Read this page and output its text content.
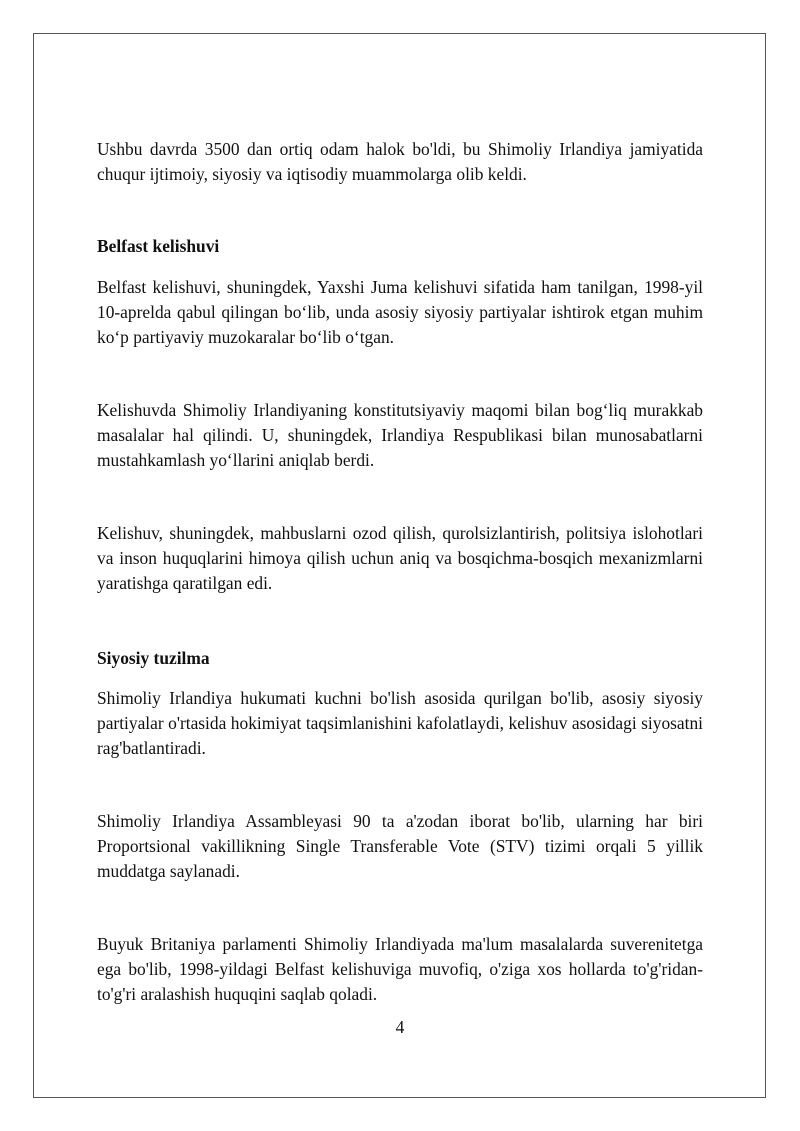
Ushbu davrda 3500 dan ortiq odam halok bo'ldi, bu Shimoliy Irlandiya jamiyatida chuqur ijtimoiy, siyosiy va iqtisodiy muammolarga olib keldi.

Belfast kelishuvi

Belfast kelishuvi, shuningdek, Yaxshi Juma kelishuvi sifatida ham tanilgan, 1998-yil 10-aprelda qabul qilingan bo‘lib, unda asosiy siyosiy partiyalar ishtirok etgan muhim ko‘p partiyaviy muzokaralar bo‘lib o‘tgan.

Kelishuvda Shimoliy Irlandiyaning konstitutsiyaviy maqomi bilan bog‘liq murakkab masalalar hal qilindi. U, shuningdek, Irlandiya Respublikasi bilan munosabatlarni mustahkamlash yo‘llarini aniqlab berdi.

Kelishuv, shuningdek, mahbuslarni ozod qilish, qurolsizlantirish, politsiya islohotlari va inson huquqlarini himoya qilish uchun aniq va bosqichma-bosqich mexanizmlarni yaratishga qaratilgan edi.

Siyosiy tuzilma

Shimoliy Irlandiya hukumati kuchni bo'lish asosida qurilgan bo'lib, asosiy siyosiy partiyalar o'rtasida hokimiyat taqsimlanishini kafolatlaydi, kelishuv asosidagi siyosatni rag'batlantiradi.

Shimoliy Irlandiya Assambleyasi 90 ta a'zodan iborat bo'lib, ularning har biri Proportsional vakillikning Single Transferable Vote (STV) tizimi orqali 5 yillik muddatga saylanadi.

Buyuk Britaniya parlamenti Shimoliy Irlandiyada ma'lum masalalarda suverenitetga ega bo'lib, 1998-yildagi Belfast kelishuviga muvofiq, o'ziga xos hollarda to'g'ridan-to'g'ri aralashish huquqini saqlab qoladi.

4
